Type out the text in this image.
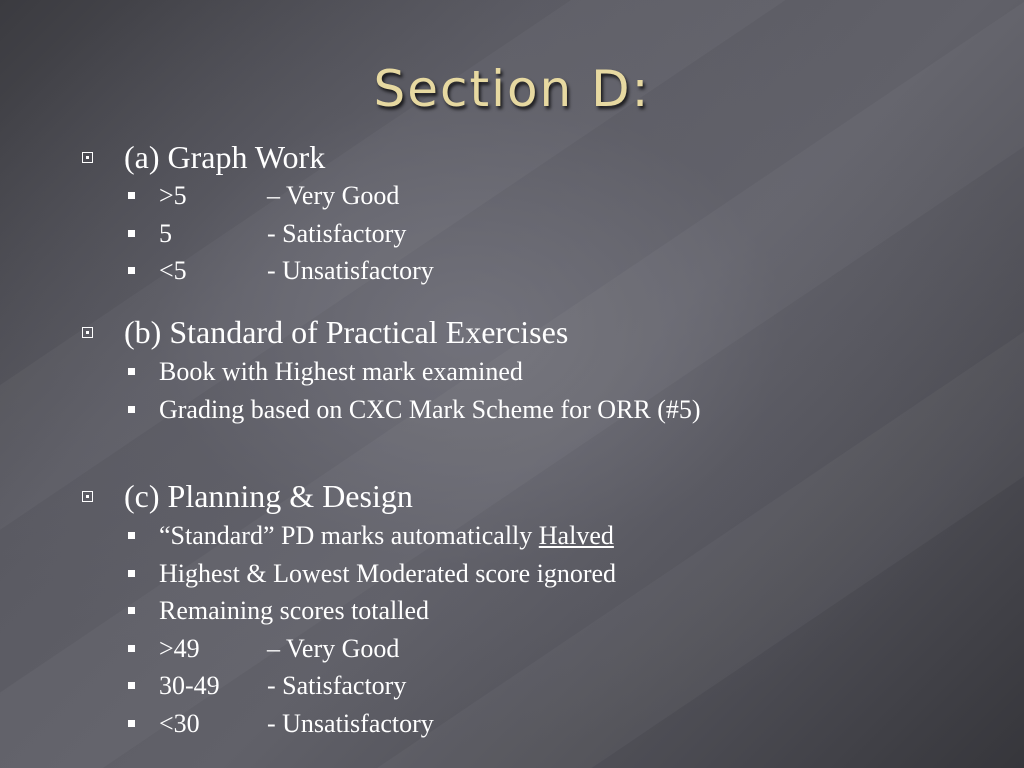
Section D:
(a) Graph Work
>5	– Very Good
5	- Satisfactory
<5	- Unsatisfactory
(b) Standard of Practical Exercises
Book with Highest mark examined
Grading based on CXC Mark Scheme for ORR (#5)
(c) Planning & Design
“Standard” PD marks automatically Halved
Highest & Lowest Moderated score ignored
Remaining scores totalled
>49	– Very Good
30-49 - Satisfactory
<30	- Unsatisfactory
